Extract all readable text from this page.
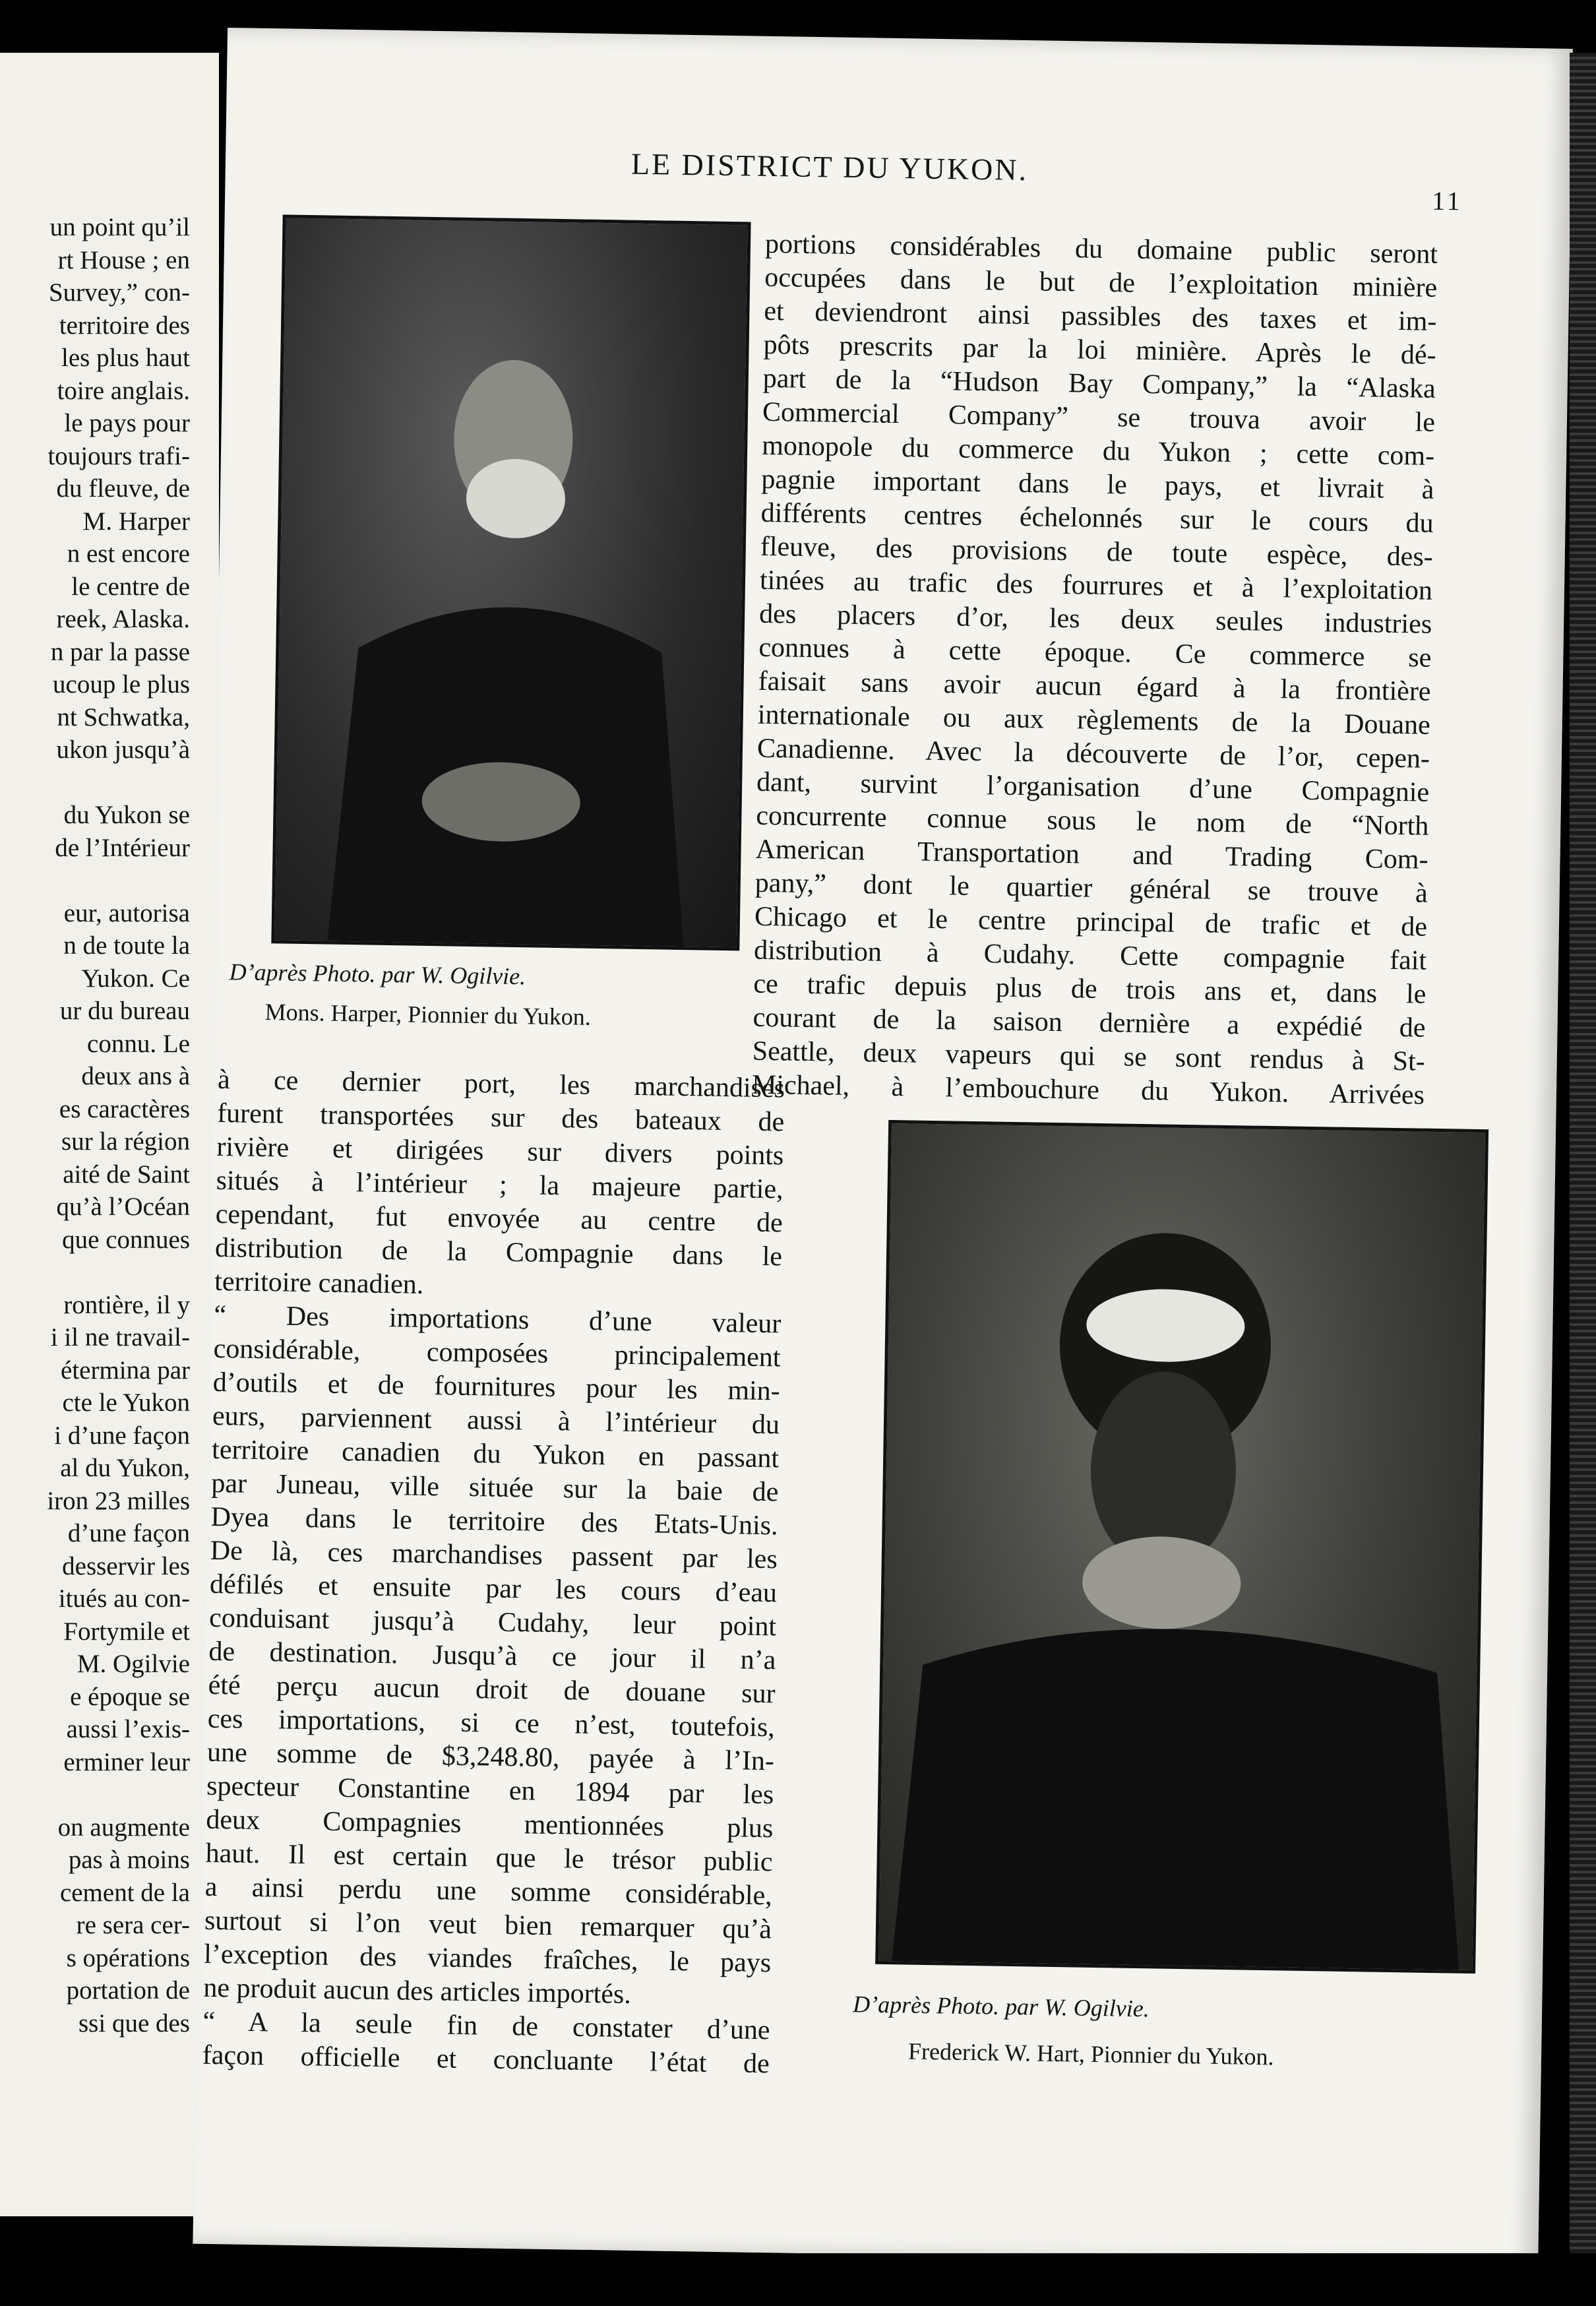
un point qu’il
rt House ; en
Survey,” con-
territoire des
les plus haut
toire anglais.
le pays pour
toujours trafi-
du fleuve, de
M. Harper
n est encore
le centre de
reek, Alaska.
n par la passe
ucoup le plus
nt Schwatka,
ukon jusqu’à
du Yukon se
de l’Intérieur
eur, autorisa
n de toute la
Yukon. Ce
ur du bureau
connu. Le
deux ans à
es caractères
sur la région
aité de Saint
qu’à l’Océan
que connues
rontière, il y
i il ne travail-
étermina par
cte le Yukon
i d’une façon
al du Yukon,
iron 23 milles
d’une façon
desservir les
itués au con-
Fortymile et
M. Ogilvie
e époque se
aussi l’exis-
erminer leur
on augmente
pas à moins
cement de la
re sera cer-
s opérations
portation de
ssi que des
LE DISTRICT DU YUKON.
11
D’après Photo. par W. Ogilvie.
Mons. Harper, Pionnier du Yukon.
portions considérables du domaine public seront
occupées dans le but de l’exploitation minière
et deviendront ainsi passibles des taxes et im-
pôts prescrits par la loi minière. Après le dé-
part de la “Hudson Bay Company,” la “Alaska
Commercial Company” se trouva avoir le
monopole du commerce du Yukon ; cette com-
pagnie important dans le pays, et livrait à
différents centres échelonnés sur le cours du
fleuve, des provisions de toute espèce, des-
tinées au trafic des fourrures et à l’exploitation
des placers d’or, les deux seules industries
connues à cette époque. Ce commerce se
faisait sans avoir aucun égard à la frontière
internationale ou aux règlements de la Douane
Canadienne. Avec la découverte de l’or, cepen-
dant, survint l’organisation d’une Compagnie
concurrente connue sous le nom de “North
American Transportation and Trading Com-
pany,” dont le quartier général se trouve à
Chicago et le centre principal de trafic et de
distribution à Cudahy. Cette compagnie fait
ce trafic depuis plus de trois ans et, dans le
courant de la saison dernière a expédié de
Seattle, deux vapeurs qui se sont rendus à St-
Michael, à l’embouchure du Yukon. Arrivées
à ce dernier port, les marchandises
furent transportées sur des bateaux de
rivière et dirigées sur divers points
situés à l’intérieur ; la majeure partie,
cependant, fut envoyée au centre de
distribution de la Compagnie dans le
territoire canadien.
“ Des importations d’une valeur
considérable, composées principalement
d’outils et de fournitures pour les min-
eurs, parviennent aussi à l’intérieur du
territoire canadien du Yukon en passant
par Juneau, ville située sur la baie de
Dyea dans le territoire des Etats-Unis.
De là, ces marchandises passent par les
défilés et ensuite par les cours d’eau
conduisant jusqu’à Cudahy, leur point
de destination. Jusqu’à ce jour il n’a
été perçu aucun droit de douane sur
ces importations, si ce n’est, toutefois,
une somme de $3,248.80, payée à l’In-
specteur Constantine en 1894 par les
deux Compagnies mentionnées plus
haut. Il est certain que le trésor public
a ainsi perdu une somme considérable,
surtout si l’on veut bien remarquer qu’à
l’exception des viandes fraîches, le pays
ne produit aucun des articles importés.
“ A la seule fin de constater d’une
façon officielle et concluante l’état de
D’après Photo. par W. Ogilvie.
Frederick W. Hart, Pionnier du Yukon.
